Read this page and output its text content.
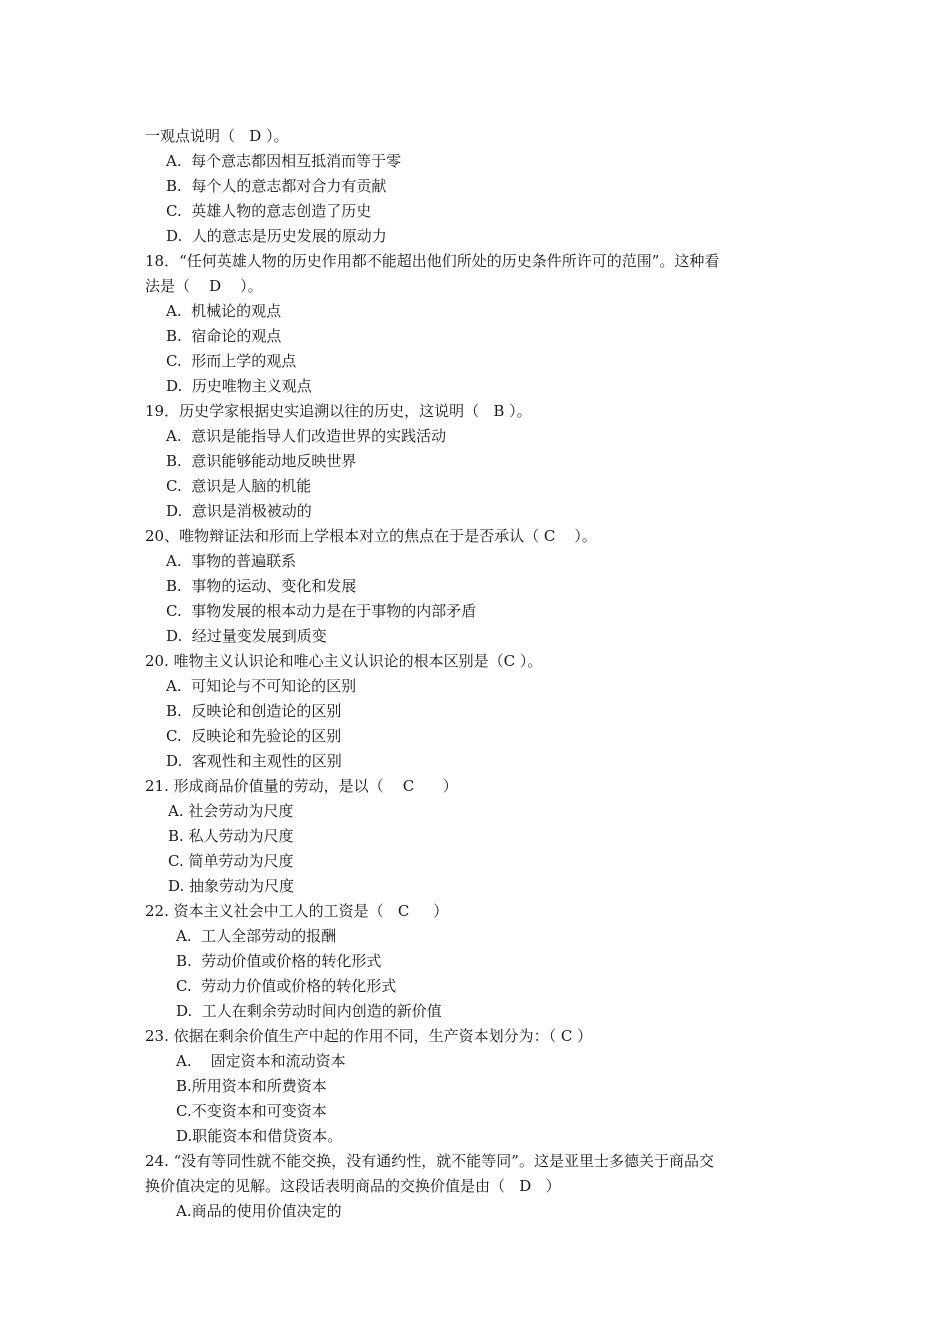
一观点说明（   D ）。
A.  每个意志都因相互抵消而等于零
B.  每个人的意志都对合力有贡献
C.  英雄人物的意志创造了历史
D.  人的意志是历史发展的原动力
18．“任何英雄人物的历史作用都不能超出他们所处的历史条件所许可的范围”。这种看
法是（    D    ）。
A.  机械论的观点
B.  宿命论的观点
C.  形而上学的观点
D.  历史唯物主义观点
19．历史学家根据史实追溯以往的历史，这说明（   B ）。
A.  意识是能指导人们改造世界的实践活动
B.  意识能够能动地反映世界
C.  意识是人脑的机能
D.  意识是消极被动的
20、唯物辩证法和形而上学根本对立的焦点在于是否承认（ C    ）。
A.  事物的普遍联系
B.  事物的运动、变化和发展
C.  事物发展的根本动力是在于事物的内部矛盾
D.  经过量变发展到质变
20. 唯物主义认识论和唯心主义认识论的根本区别是（C ）。
A.  可知论与不可知论的区别
B.  反映论和创造论的区别
C.  反映论和先验论的区别
D.  客观性和主观性的区别
21. 形成商品价值量的劳动，是以（    C      ）
A. 社会劳动为尺度
B. 私人劳动为尺度
C. 简单劳动为尺度
D. 抽象劳动为尺度
22. 资本主义社会中工人的工资是（   C     ）
A.  工人全部劳动的报酬
B.  劳动价值或价格的转化形式
C.  劳动力价值或价格的转化形式
D.  工人在剩余劳动时间内创造的新价值
23. 依据在剩余价值生产中起的作用不同，生产资本划分为：（ C ）
A.    固定资本和流动资本
B.所用资本和所费资本
C.不变资本和可变资本
D.职能资本和借贷资本。
24. “没有等同性就不能交换，没有通约性，就不能等同”。这是亚里士多德关于商品交
换价值决定的见解。这段话表明商品的交换价值是由（   D   ）
A.商品的使用价值决定的
